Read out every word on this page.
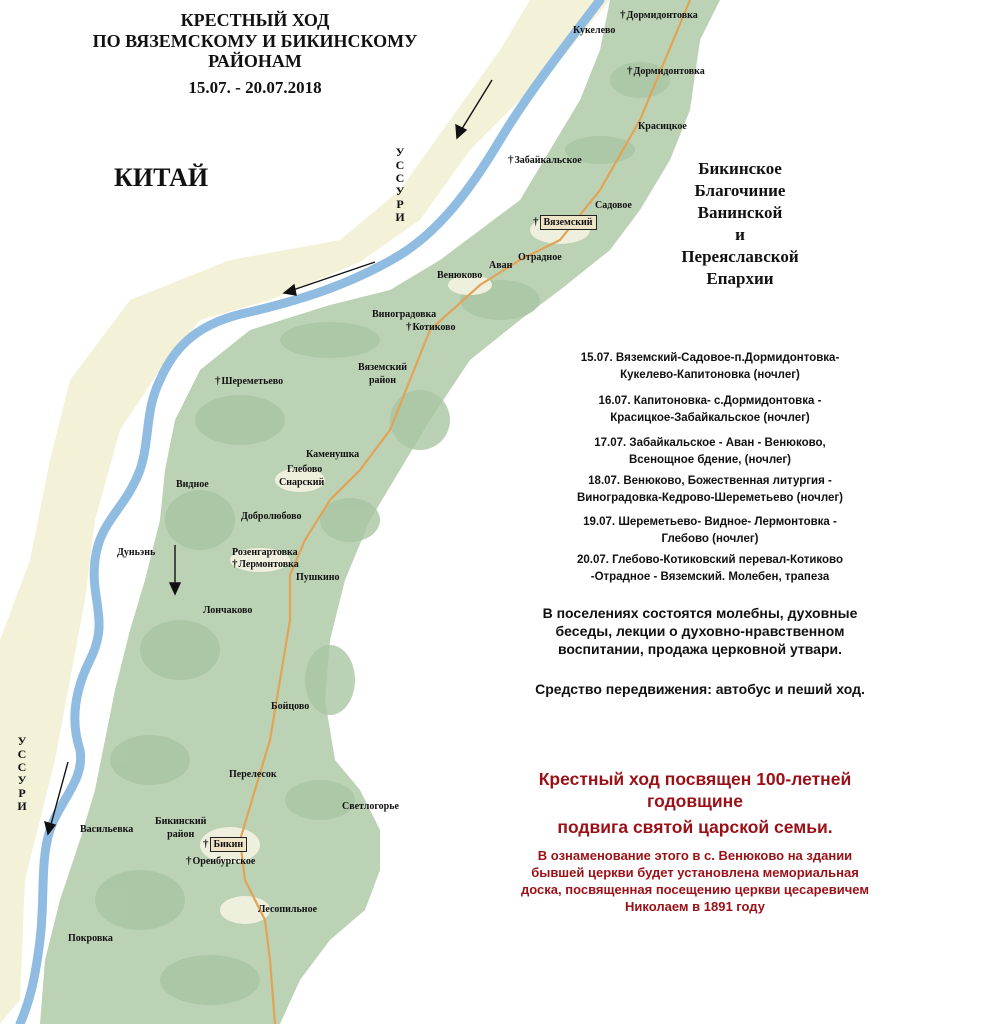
КРЕСТНЫЙ ХОД
ПО ВЯЗЕМСКОМУ И БИКИНСКОМУ РАЙОНАМ
15.07. - 20.07.2018
КИТАЙ
У
С
С
У
Р
И
У
С
С
У
Р
И
†Дормидонтовка
Кукелево
†Дормидонтовка
Красицкое
†Забайкальское
Садовое
† Вяземский
Отрадное
Аван
Венюково
Виноградовка
†Котиково
Вяземский
район
†Шереметьево
Каменушка
Глебово
Снарский
Видное
Добролюбово
Дуньэнь	Розенгартовка
†Лермонтовка
Пушкино
Лончаково
Бойцово
Перелесок
Светлогорье
Васильевка
Бикинский
район
† Бикин
†Оренбургское
Лесопильное
Покровка
Бикинское
Благочиние
Ванинской
и
Переяславской
Епархии
15.07. Вяземский-Садовое-п.Дормидонтовка-
Кукелево-Капитоновка (ночлег)
16.07. Капитоновка- с.Дормидонтовка -
Красицкое-Забайкальское (ночлег)
17.07. Забайкальское - Аван - Венюково,
Всенощное бдение, (ночлег)
18.07. Венюково, Божественная литургия -
Виноградовка-Кедрово-Шереметьево (ночлег)
19.07. Шереметьево- Видное- Лермонтовка -
Глебово (ночлег)
20.07. Глебово-Котиковский перевал-Котиково
-Отрадное - Вяземский. Молебен, трапеза
В поселениях состоятся молебны, духовные
беседы, лекции о духовно-нравственном
воспитании, продажа церковной утвари.
Средство передвижения: автобус и пеший ход.
Крестный ход посвящен 100-летней
годовщине
подвига святой царской семьи.
В ознаменование этого в с. Венюково на здании
бывшей церкви будет установлена мемориальная
доска, посвященная посещению церкви цесаревичем
Николаем в 1891 году
